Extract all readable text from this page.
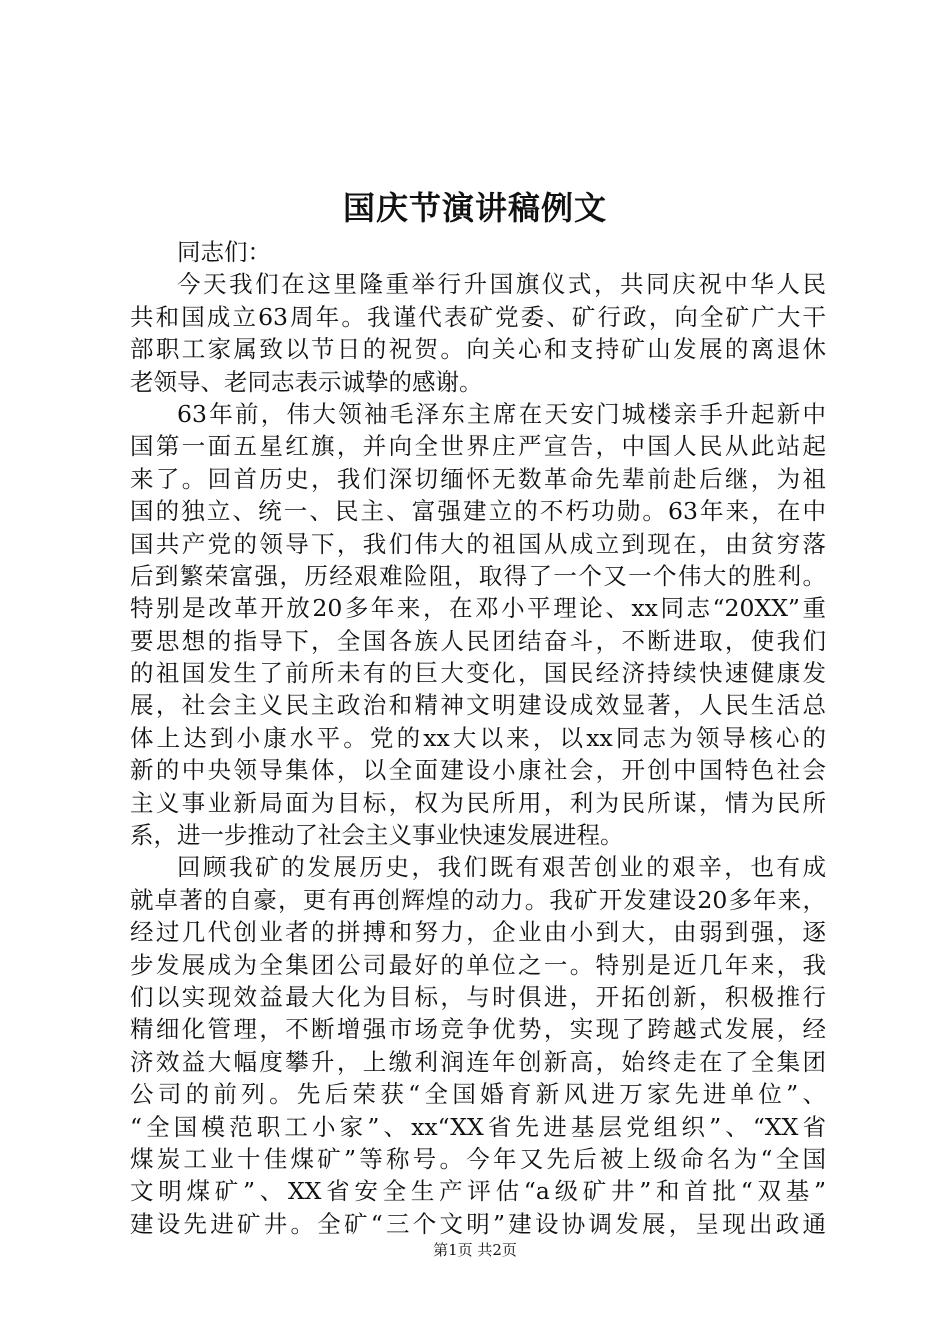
国庆节演讲稿例文
同志们：
今天我们在这里隆重举行升国旗仪式，共同庆祝中华人民
共和国成立63周年。我谨代表矿党委、矿行政，向全矿广大干
部职工家属致以节日的祝贺。向关心和支持矿山发展的离退休
老领导、老同志表示诚挚的感谢。
63年前，伟大领袖毛泽东主席在天安门城楼亲手升起新中
国第一面五星红旗，并向全世界庄严宣告，中国人民从此站起
来了。回首历史，我们深切缅怀无数革命先辈前赴后继，为祖
国的独立、统一、民主、富强建立的不朽功勋。63年来，在中
国共产党的领导下，我们伟大的祖国从成立到现在，由贫穷落
后到繁荣富强，历经艰难险阻，取得了一个又一个伟大的胜利。
特别是改革开放20多年来，在邓小平理论、xx同志“20XX”重
要思想的指导下，全国各族人民团结奋斗，不断进取，使我们
的祖国发生了前所未有的巨大变化，国民经济持续快速健康发
展，社会主义民主政治和精神文明建设成效显著，人民生活总
体上达到小康水平。党的xx大以来，以xx同志为领导核心的
新的中央领导集体，以全面建设小康社会，开创中国特色社会
主义事业新局面为目标，权为民所用，利为民所谋，情为民所
系，进一步推动了社会主义事业快速发展进程。
回顾我矿的发展历史，我们既有艰苦创业的艰辛，也有成
就卓著的自豪，更有再创辉煌的动力。我矿开发建设20多年来，
经过几代创业者的拼搏和努力，企业由小到大，由弱到强，逐
步发展成为全集团公司最好的单位之一。特别是近几年来，我
们以实现效益最大化为目标，与时俱进，开拓创新，积极推行
精细化管理，不断增强市场竞争优势，实现了跨越式发展，经
济效益大幅度攀升，上缴利润连年创新高，始终走在了全集团
公司的前列。先后荣获“全国婚育新风进万家先进单位”、
“全国模范职工小家”、xx“XX省先进基层党组织”、“XX省
煤炭工业十佳煤矿”等称号。今年又先后被上级命名为“全国
文明煤矿”、XX省安全生产评估“a级矿井”和首批“双基”
建设先进矿井。全矿“三个文明”建设协调发展，呈现出政通
第1页 共2页
